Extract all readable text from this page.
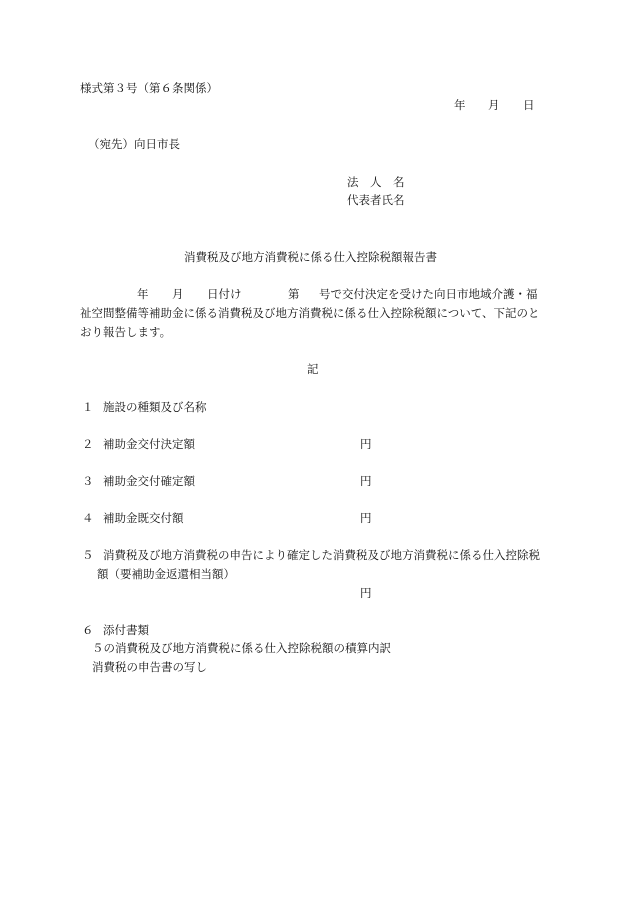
様式第３号（第６条関係）
年 月 日
（宛先）向日市長
法　人　名
代表者氏名
消費税及び地方消費税に係る仕入控除税額報告書
年 月 日付け	第 号で交付決定を受けた向日市地域介護・福
祉空間整備等補助金に係る消費税及び地方消費税に係る仕入控除税額について、下記のと
おり報告します。
記
１ 施設の種類及び名称
２ 補助金交付決定額	円
３ 補助金交付確定額	円
４ 補助金既交付額	円
５ 消費税及び地方消費税の申告により確定した消費税及び地方消費税に係る仕入控除税
額（要補助金返還相当額）
円
６ 添付書類
５の消費税及び地方消費税に係る仕入控除税額の積算内訳
消費税の申告書の写し
